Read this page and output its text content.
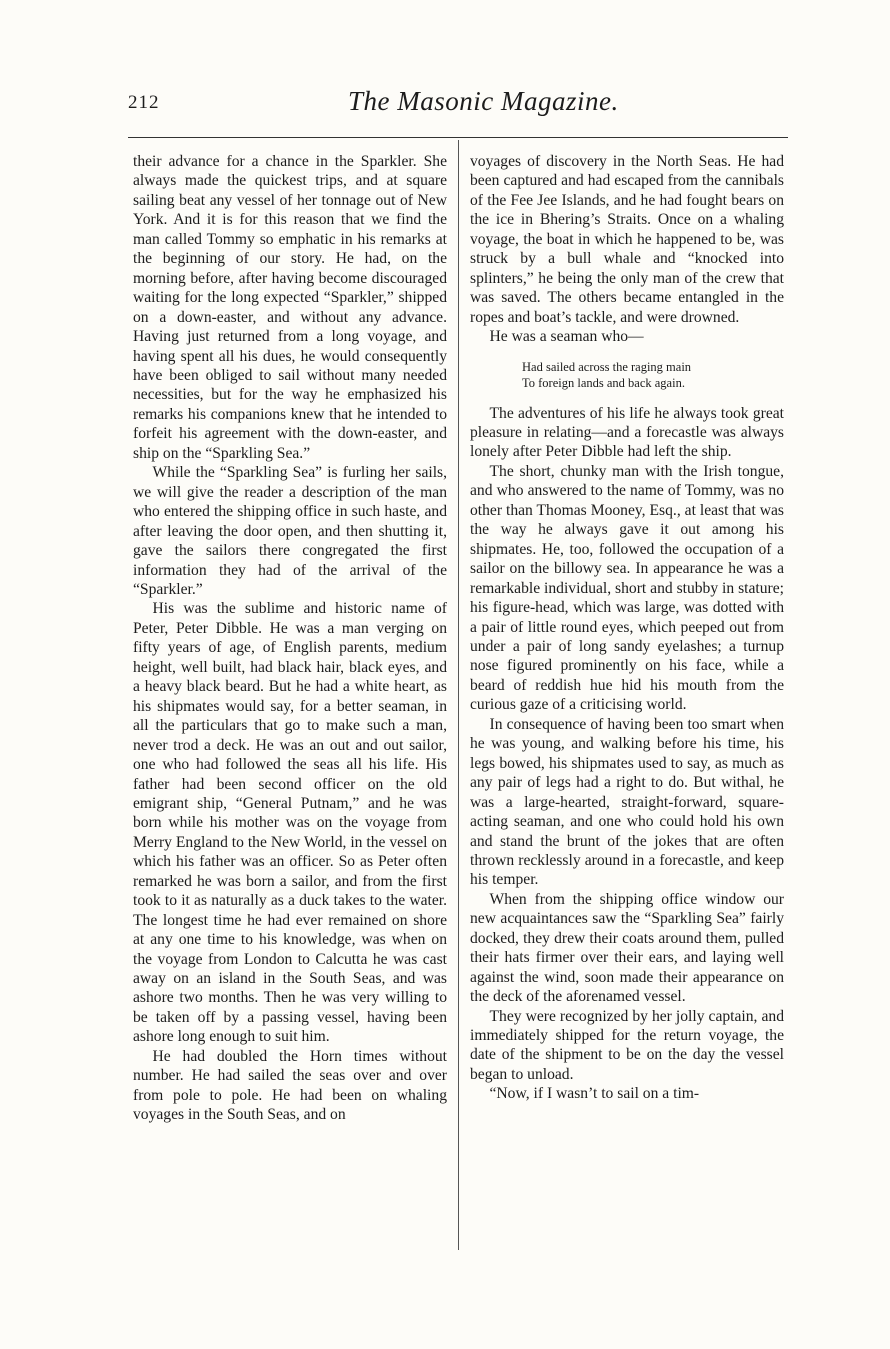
212	The Masonic Magazine.

their advance for a chance in the Sparkler. She always made the quickest trips, and at square sailing beat any vessel of her tonnage out of New York. And it is for this reason that we find the man called Tommy so emphatic in his remarks at the beginning of our story. He had, on the morning before, after having become discouraged waiting for the long expected “Sparkler,” shipped on a down-easter, and without any advance. Having just returned from a long voyage, and having spent all his dues, he would consequently have been obliged to sail without many needed necessities, but for the way he emphasized his remarks his companions knew that he intended to forfeit his agreement with the down-easter, and ship on the “Sparkling Sea.”

While the “Sparkling Sea” is furling her sails, we will give the reader a description of the man who entered the shipping office in such haste, and after leaving the door open, and then shutting it, gave the sailors there congregated the first information they had of the arrival of the “Sparkler.”

His was the sublime and historic name of Peter, Peter Dibble. He was a man verging on fifty years of age, of English parents, medium height, well built, had black hair, black eyes, and a heavy black beard. But he had a white heart, as his shipmates would say, for a better seaman, in all the particulars that go to make such a man, never trod a deck. He was an out and out sailor, one who had followed the seas all his life. His father had been second officer on the old emigrant ship, “General Putnam,” and he was born while his mother was on the voyage from Merry England to the New World, in the vessel on which his father was an officer. So as Peter often remarked he was born a sailor, and from the first took to it as naturally as a duck takes to the water. The longest time he had ever remained on shore at any one time to his knowledge, was when on the voyage from London to Calcutta he was cast away on an island in the South Seas, and was ashore two months. Then he was very willing to be taken off by a passing vessel, having been ashore long enough to suit him.

He had doubled the Horn times without number. He had sailed the seas over and over from pole to pole. He had been on whaling voyages in the South Seas, and on

voyages of discovery in the North Seas. He had been captured and had escaped from the cannibals of the Fee Jee Islands, and he had fought bears on the ice in Bhering’s Straits. Once on a whaling voyage, the boat in which he happened to be, was struck by a bull whale and “knocked into splinters,” he being the only man of the crew that was saved. The others became entangled in the ropes and boat’s tackle, and were drowned.

He was a seaman who—

Had sailed across the raging main
To foreign lands and back again.

The adventures of his life he always took great pleasure in relating—and a forecastle was always lonely after Peter Dibble had left the ship.

The short, chunky man with the Irish tongue, and who answered to the name of Tommy, was no other than Thomas Mooney, Esq., at least that was the way he always gave it out among his shipmates. He, too, followed the occupation of a sailor on the billowy sea. In appearance he was a remarkable individual, short and stubby in stature; his figure-head, which was large, was dotted with a pair of little round eyes, which peeped out from under a pair of long sandy eyelashes; a turnup nose figured prominently on his face, while a beard of reddish hue hid his mouth from the curious gaze of a criticising world.

In consequence of having been too smart when he was young, and walking before his time, his legs bowed, his shipmates used to say, as much as any pair of legs had a right to do. But withal, he was a large-hearted, straight-forward, square-acting seaman, and one who could hold his own and stand the brunt of the jokes that are often thrown recklessly around in a forecastle, and keep his temper.

When from the shipping office window our new acquaintances saw the “Sparkling Sea” fairly docked, they drew their coats around them, pulled their hats firmer over their ears, and laying well against the wind, soon made their appearance on the deck of the aforenamed vessel.

They were recognized by her jolly captain, and immediately shipped for the return voyage, the date of the shipment to be on the day the vessel began to unload.

“Now, if I wasn’t to sail on a tim-
